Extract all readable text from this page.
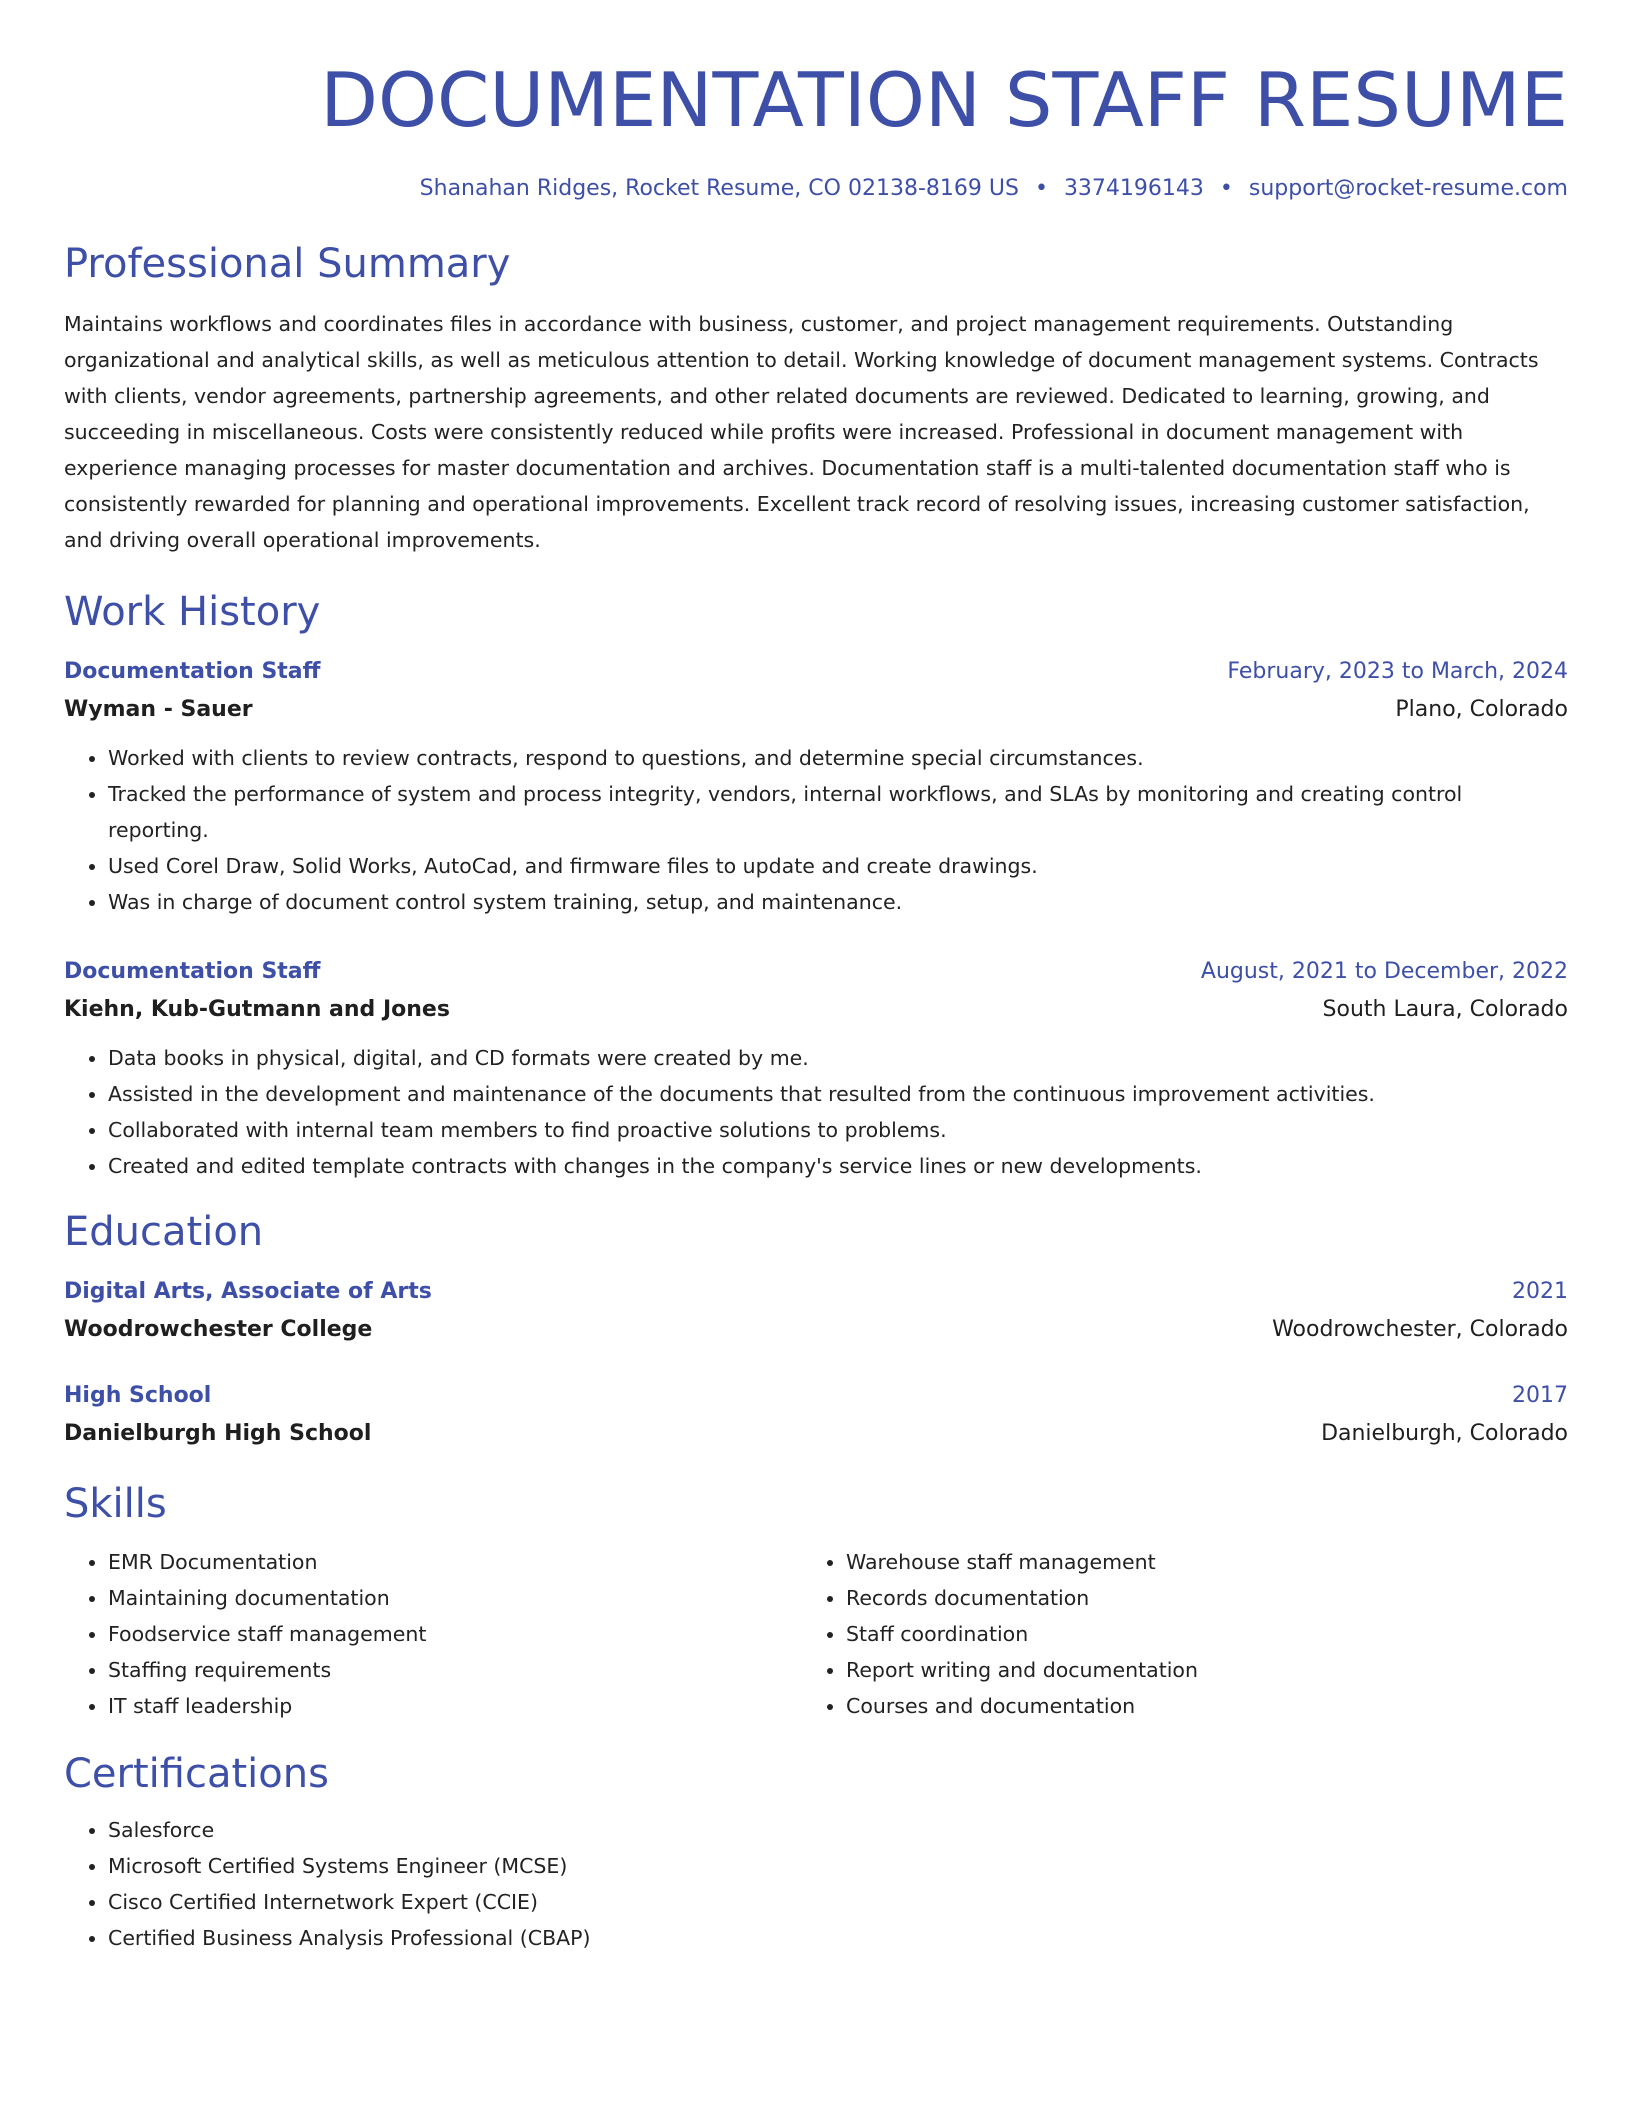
DOCUMENTATION STAFF RESUME
Shanahan Ridges, Rocket Resume, CO 02138-8169 US • 3374196143 • support@rocket-resume.com
Professional Summary
Maintains workflows and coordinates files in accordance with business, customer, and project management requirements. Outstanding organizational and analytical skills, as well as meticulous attention to detail. Working knowledge of document management systems. Contracts with clients, vendor agreements, partnership agreements, and other related documents are reviewed. Dedicated to learning, growing, and succeeding in miscellaneous. Costs were consistently reduced while profits were increased. Professional in document management with experience managing processes for master documentation and archives. Documentation staff is a multi-talented documentation staff who is consistently rewarded for planning and operational improvements. Excellent track record of resolving issues, increasing customer satisfaction, and driving overall operational improvements.
Work History
Documentation Staff	February, 2023 to March, 2024
Wyman - Sauer	Plano, Colorado
• Worked with clients to review contracts, respond to questions, and determine special circumstances.
• Tracked the performance of system and process integrity, vendors, internal workflows, and SLAs by monitoring and creating control reporting.
• Used Corel Draw, Solid Works, AutoCad, and firmware files to update and create drawings.
• Was in charge of document control system training, setup, and maintenance.
Documentation Staff	August, 2021 to December, 2022
Kiehn, Kub-Gutmann and Jones	South Laura, Colorado
• Data books in physical, digital, and CD formats were created by me.
• Assisted in the development and maintenance of the documents that resulted from the continuous improvement activities.
• Collaborated with internal team members to find proactive solutions to problems.
• Created and edited template contracts with changes in the company's service lines or new developments.
Education
Digital Arts, Associate of Arts	2021
Woodrowchester College	Woodrowchester, Colorado
High School	2017
Danielburgh High School	Danielburgh, Colorado
Skills
• EMR Documentation
• Maintaining documentation
• Foodservice staff management
• Staffing requirements
• IT staff leadership
• Warehouse staff management
• Records documentation
• Staff coordination
• Report writing and documentation
• Courses and documentation
Certifications
• Salesforce
• Microsoft Certified Systems Engineer (MCSE)
• Cisco Certified Internetwork Expert (CCIE)
• Certified Business Analysis Professional (CBAP)
